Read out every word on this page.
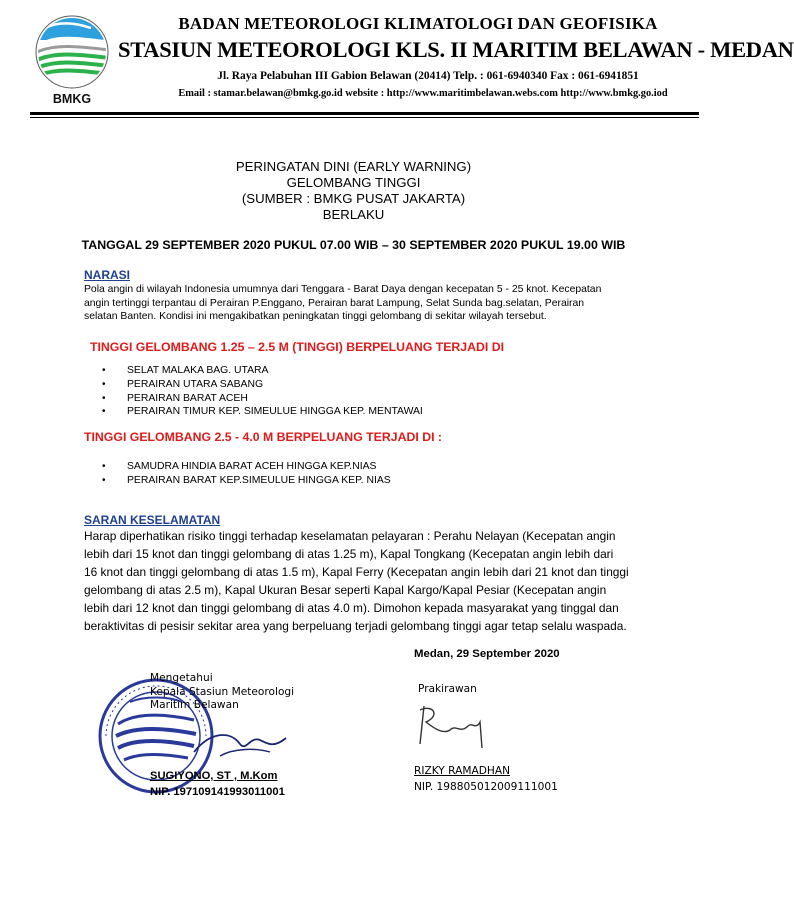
BMKG
BADAN METEOROLOGI KLIMATOLOGI DAN GEOFISIKA
STASIUN METEOROLOGI KLS. II MARITIM BELAWAN - MEDAN
Jl. Raya Pelabuhan III Gabion Belawan (20414) Telp. : 061-6940340 Fax : 061-6941851
Email : stamar.belawan@bmkg.go.id website : http://www.maritimbelawan.webs.com http://www.bmkg.go.iod
PERINGATAN DINI (EARLY WARNING)
GELOMBANG TINGGI
(SUMBER : BMKG PUSAT JAKARTA)
BERLAKU
TANGGAL 29 SEPTEMBER 2020 PUKUL 07.00 WIB – 30 SEPTEMBER 2020 PUKUL 19.00 WIB
NARASI
Pola angin di wilayah Indonesia umumnya dari Tenggara - Barat Daya dengan kecepatan 5 - 25 knot. Kecepatan
angin tertinggi terpantau di Perairan P.Enggano, Perairan barat Lampung, Selat Sunda bag.selatan, Perairan
selatan Banten. Kondisi ini mengakibatkan peningkatan tinggi gelombang di sekitar wilayah tersebut.
TINGGI GELOMBANG 1.25 – 2.5 M (TINGGI) BERPELUANG TERJADI DI
• SELAT MALAKA BAG. UTARA
• PERAIRAN UTARA SABANG
• PERAIRAN BARAT ACEH
• PERAIRAN TIMUR KEP. SIMEULUE HINGGA KEP. MENTAWAI
TINGGI GELOMBANG 2.5 - 4.0 M BERPELUANG TERJADI DI :
• SAMUDRA HINDIA BARAT ACEH HINGGA KEP.NIAS
• PERAIRAN BARAT KEP.SIMEULUE HINGGA KEP. NIAS
SARAN KESELAMATAN
Harap diperhatikan risiko tinggi terhadap keselamatan pelayaran : Perahu Nelayan (Kecepatan angin
lebih dari 15 knot dan tinggi gelombang di atas 1.25 m), Kapal Tongkang (Kecepatan angin lebih dari
16 knot dan tinggi gelombang di atas 1.5 m), Kapal Ferry (Kecepatan angin lebih dari 21 knot dan tinggi
gelombang di atas 2.5 m), Kapal Ukuran Besar seperti Kapal Kargo/Kapal Pesiar (Kecepatan angin
lebih dari 12 knot dan tinggi gelombang di atas 4.0 m). Dimohon kepada masyarakat yang tinggal dan
beraktivitas di pesisir sekitar area yang berpeluang terjadi gelombang tinggi agar tetap selalu waspada.
Medan, 29 September 2020
Mengetahui
Kepala Stasiun Meteorologi
Maritim Belawan
SUGIYONO, ST , M.Kom
NIP. 197109141993011001
Prakirawan
RIZKY RAMADHAN
NIP. 198805012009111001
